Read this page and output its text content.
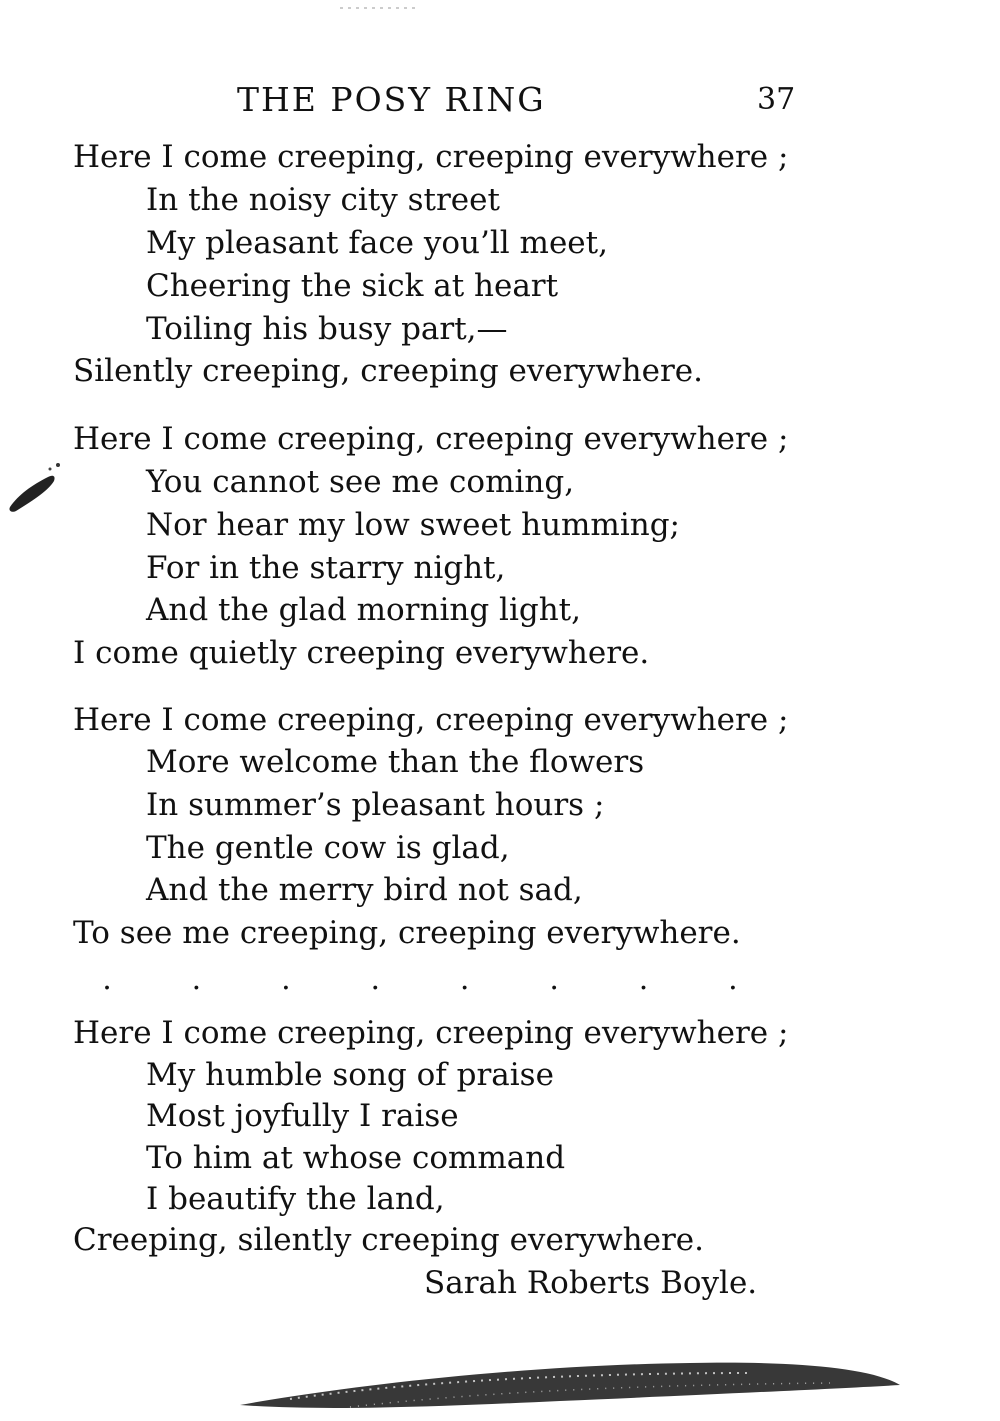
THE POSY RING	37
Here I come creeping, creeping everywhere ;
In the noisy city street
My pleasant face you’ll meet,
Cheering the sick at heart
Toiling his busy part,—
Silently creeping, creeping everywhere.
Here I come creeping, creeping everywhere ;
You cannot see me coming,
Nor hear my low sweet humming;
For in the starry night,
And the glad morning light,
I come quietly creeping everywhere.
Here I come creeping, creeping everywhere ;
More welcome than the flowers
In summer’s pleasant hours ;
The gentle cow is glad,
And the merry bird not sad,
To see me creeping, creeping everywhere.
.	.	.	.	.	.	.	.
Here I come creeping, creeping everywhere ;
My humble song of praise
Most joyfully I raise
To him at whose command
I beautify the land,
Creeping, silently creeping everywhere.
Sarah Roberts Boyle.
